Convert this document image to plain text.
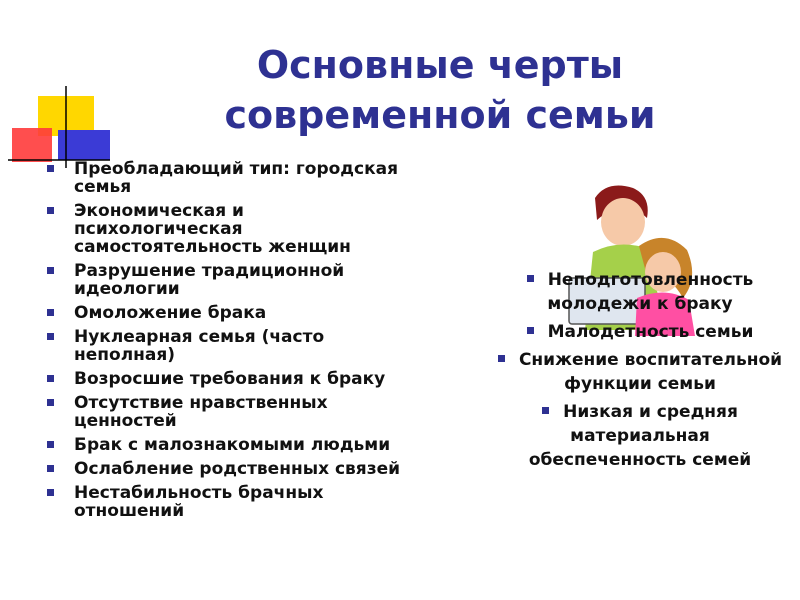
Основные черты
современной семьи
Преобладающий тип: городская семья
Экономическая и психологическая самостоятельность женщин
Разрушение традиционной идеологии
Омоложение брака
Нуклеарная семья (часто неполная)
Возросшие требования к браку
Отсутствие нравственных ценностей
Брак с малознакомыми людьми
Ослабление родственных связей
Нестабильность брачных отношений
Неподготовленность молодежи к браку
Малодетность семьи
Снижение воспитательной функции семьи
Низкая и средняя материальная обеспеченность семей
